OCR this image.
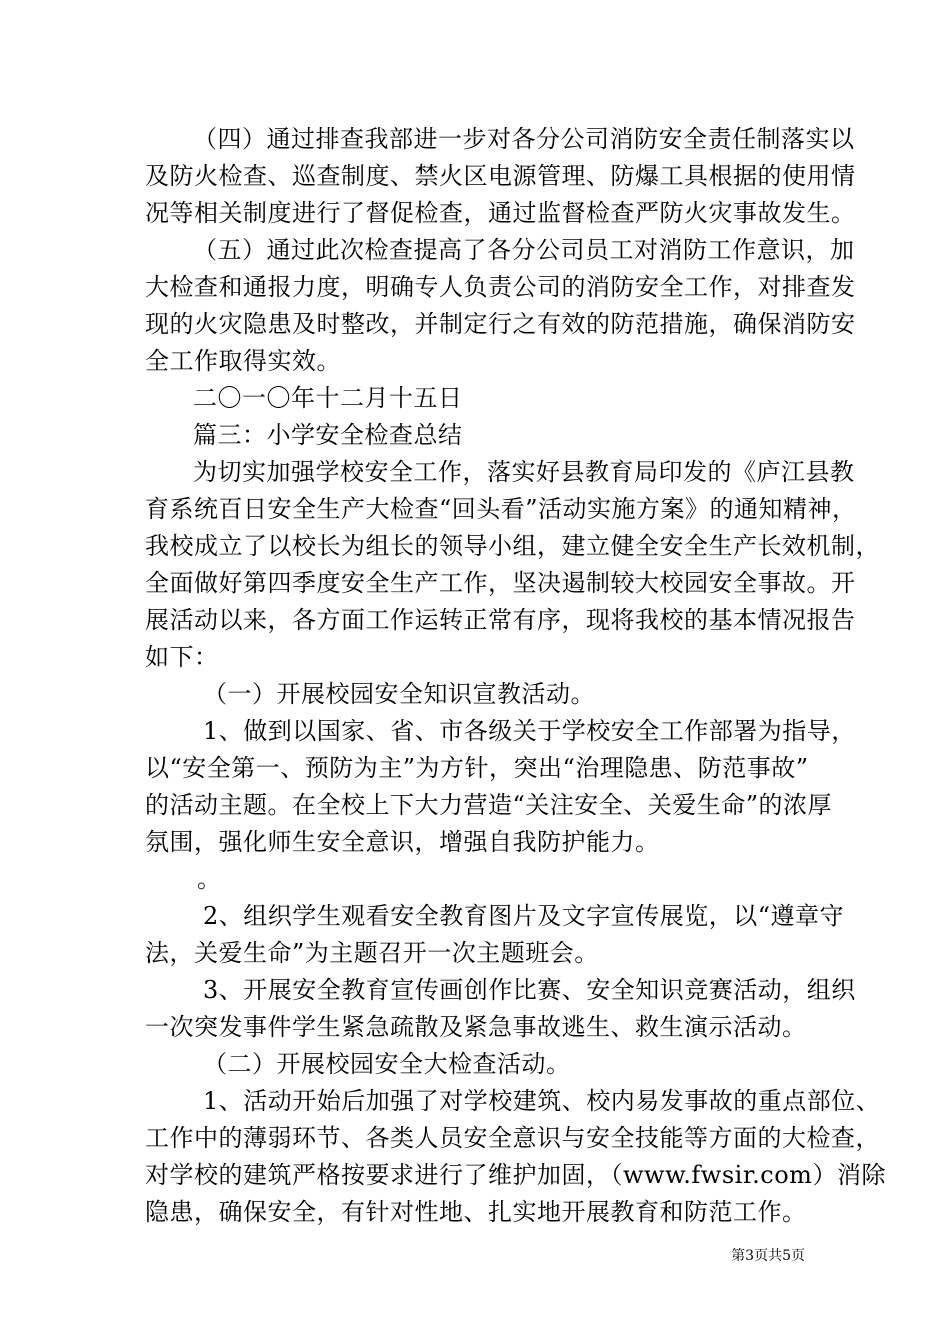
（四）通过排查我部进一步对各分公司消防安全责任制落实以
及防火检查、巡查制度、禁火区电源管理、防爆工具根据的使用情
况等相关制度进行了督促检查，通过监督检查严防火灾事故发生。
（五）通过此次检查提高了各分公司员工对消防工作意识，加
大检查和通报力度，明确专人负责公司的消防安全工作，对排查发
现的火灾隐患及时整改，并制定行之有效的防范措施，确保消防安
全工作取得实效。
二〇一〇年十二月十五日
篇三：小学安全检查总结
为切实加强学校安全工作，落实好县教育局印发的《庐江县教
育系统百日安全生产大检查“回头看”活动实施方案》的通知精神，
我校成立了以校长为组长的领导小组，建立健全安全生产长效机制，
全面做好第四季度安全生产工作，坚决遏制较大校园安全事故。开
展活动以来，各方面工作运转正常有序，现将我校的基本情况报告
如下：
（一）开展校园安全知识宣教活动。
1、做到以国家、省、市各级关于学校安全工作部署为指导，
以“安全第一、预防为主”为方针，突出“治理隐患、防范事故”
的活动主题。在全校上下大力营造“关注安全、关爱生命”的浓厚
氛围，强化师生安全意识，增强自我防护能力。
。
2、组织学生观看安全教育图片及文字宣传展览，以“遵章守
法，关爱生命”为主题召开一次主题班会。
3、开展安全教育宣传画创作比赛、安全知识竞赛活动，组织
一次突发事件学生紧急疏散及紧急事故逃生、救生演示活动。
（二）开展校园安全大检查活动。
1、活动开始后加强了对学校建筑、校内易发事故的重点部位、
工作中的薄弱环节、各类人员安全意识与安全技能等方面的大检查，
对学校的建筑严格按要求进行了维护加固，（www.fwsir.com）消除
隐患，确保安全，有针对性地、扎实地开展教育和防范工作。
第3页共5页
